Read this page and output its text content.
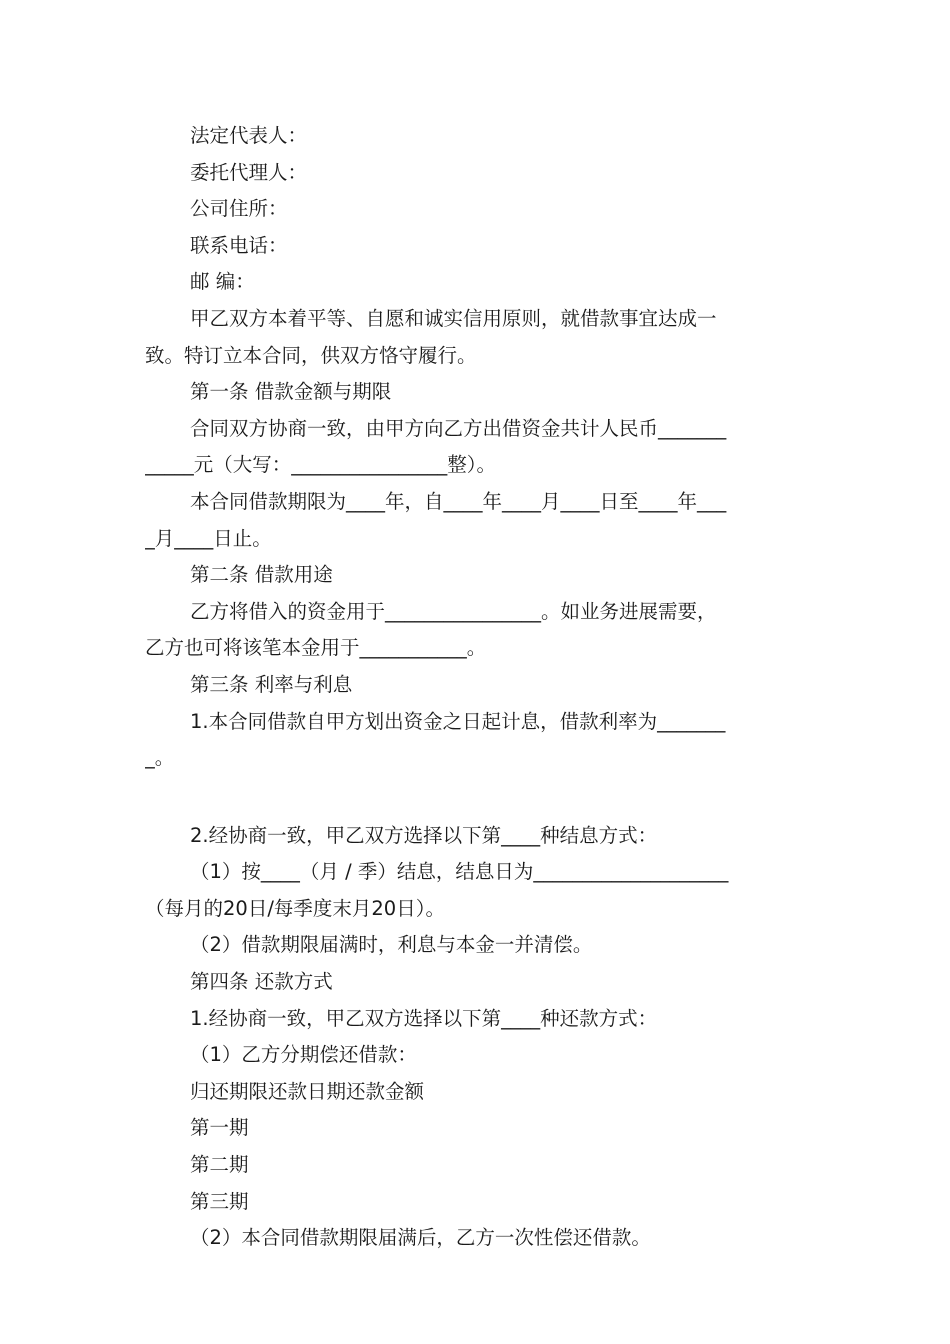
法定代表人：
委托代理人：
公司住所：
联系电话：
邮 编：
甲乙双方本着平等、自愿和诚实信用原则，就借款事宜达成一
致。特订立本合同，供双方恪守履行。
第一条 借款金额与期限
合同双方协商一致，由甲方向乙方出借资金共计人民币_______
_____元（大写：________________整）。
本合同借款期限为____年，自____年____月____日至____年___
_月____日止。
第二条 借款用途
乙方将借入的资金用于________________。如业务进展需要，
乙方也可将该笔本金用于___________。
第三条 利率与利息
1.本合同借款自甲方划出资金之日起计息，借款利率为_______
_。
2.经协商一致，甲乙双方选择以下第____种结息方式：
（1）按____（月 / 季）结息，结息日为____________________
（每月的20日/每季度末月20日）。
（2）借款期限届满时，利息与本金一并清偿。
第四条 还款方式
1.经协商一致，甲乙双方选择以下第____种还款方式：
（1）乙方分期偿还借款：
归还期限还款日期还款金额
第一期
第二期
第三期
（2）本合同借款期限届满后，乙方一次性偿还借款。
